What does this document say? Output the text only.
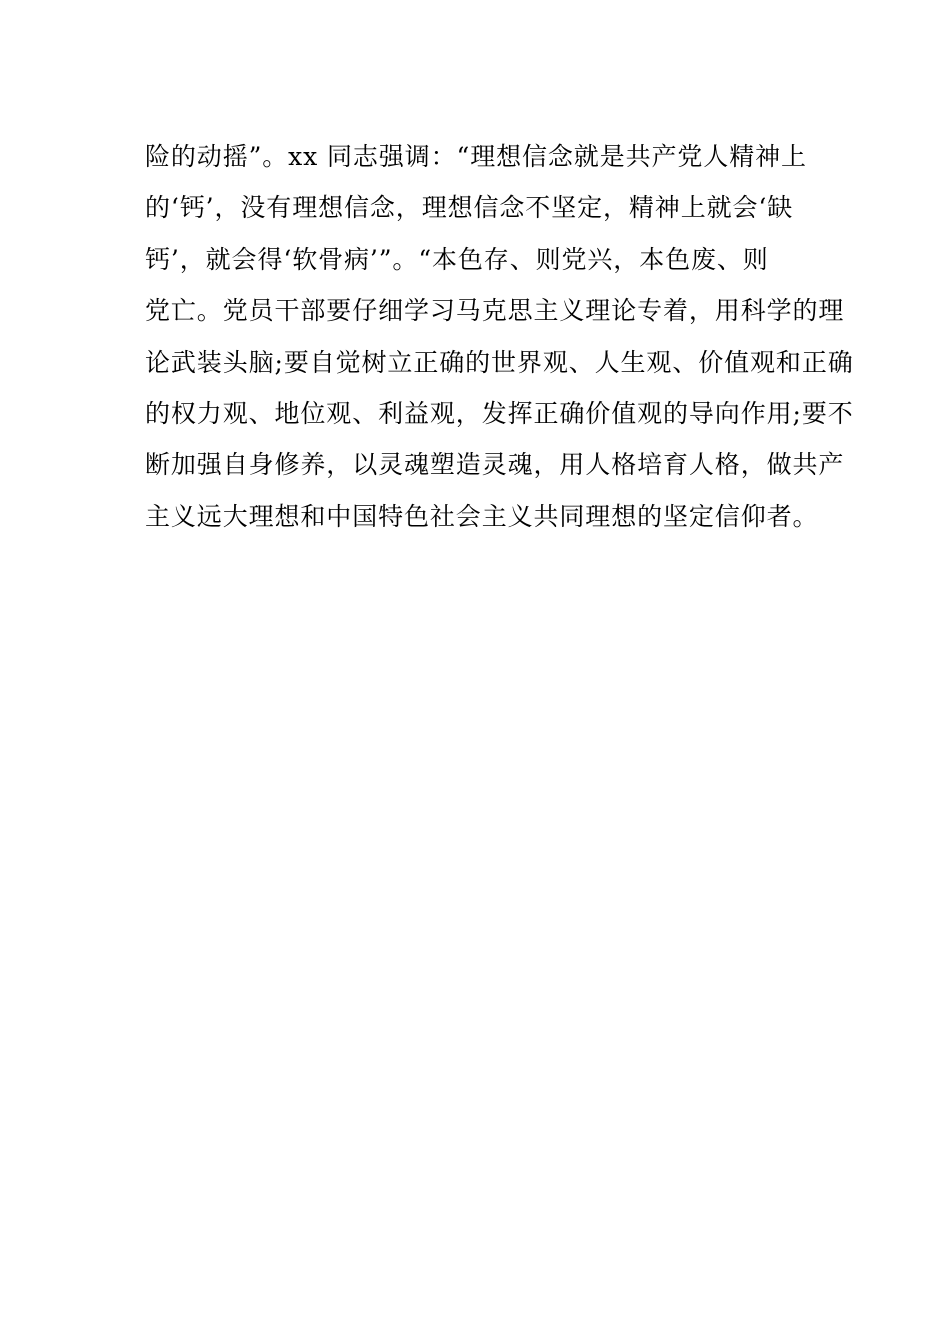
险的动摇”。xx 同志强调：“理想信念就是共产党人精神上
的‘钙’，没有理想信念，理想信念不坚定，精神上就会‘缺
钙’，就会得‘软骨病’”。“本色存、则党兴，本色废、则
党亡。党员干部要仔细学习马克思主义理论专着，用科学的理
论武装头脑;要自觉树立正确的世界观、人生观、价值观和正确
的权力观、地位观、利益观，发挥正确价值观的导向作用;要不
断加强自身修养，以灵魂塑造灵魂，用人格培育人格，做共产
主义远大理想和中国特色社会主义共同理想的坚定信仰者。
